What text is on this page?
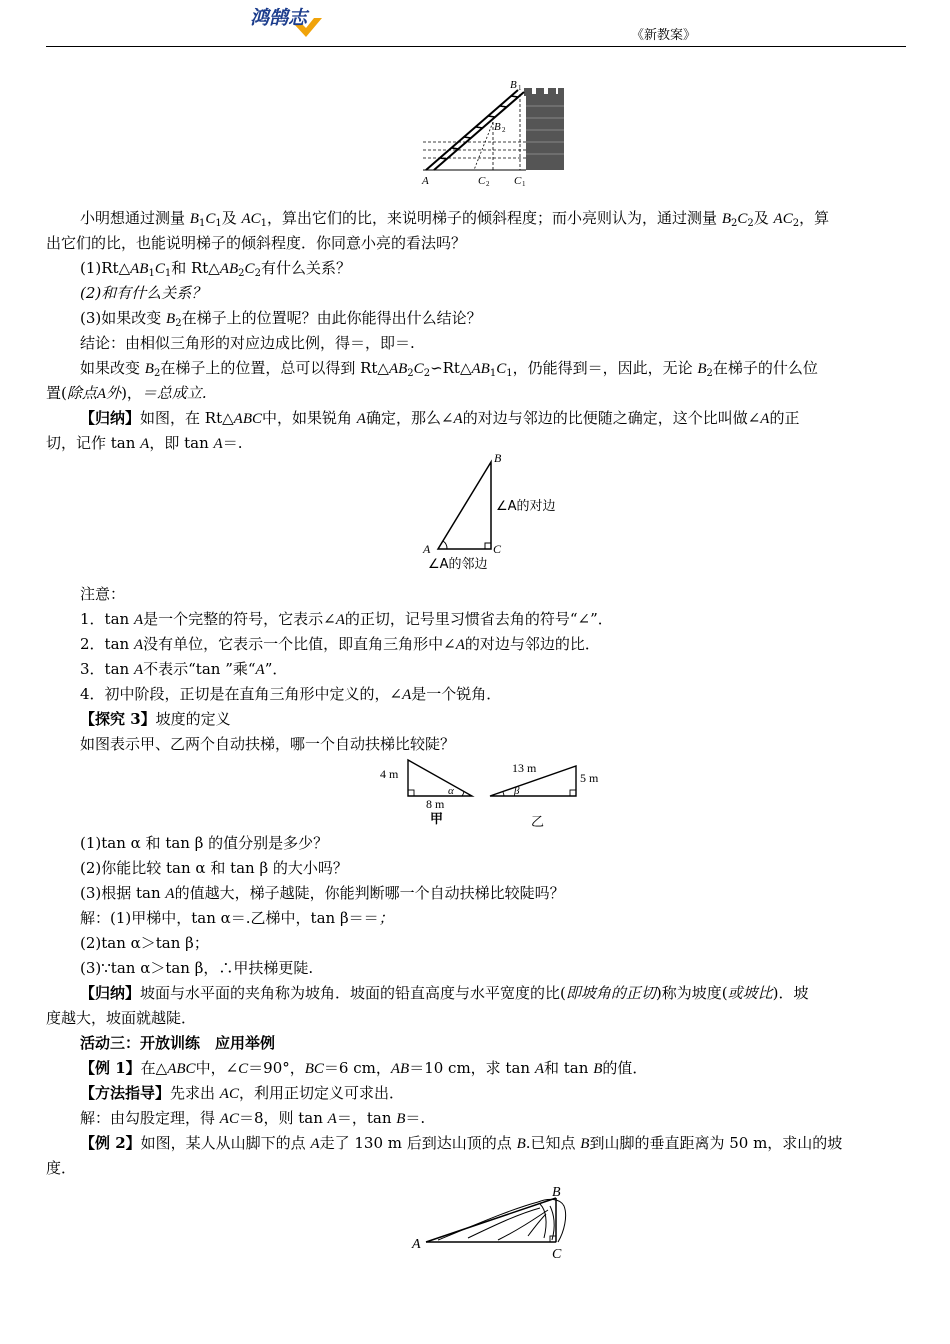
鸿鹄志
《新教案》
B 1
B 2
A	C 2 C 1
小明想通过测量 $B_1C_1$及 $AC_1$，算出它们的比，来说明梯子的倾斜程度；而小亮则认为，通过测量 $B_2C_2$及 $AC_2$，算
出它们的比，也能说明梯子的倾斜程度．你同意小亮的看法吗？
$(1)Rt\triangle AB_1C_1$和 $Rt\triangle AB_2C_2$有什么关系？
(2)和有什么关系？
(3)如果改变 $B_2$在梯子上的位置呢？由此你能得出什么结论？
结论：由相似三角形的对应边成比例，得＝，即＝.
如果改变 $B_2$在梯子上的位置，总可以得到 $Rt\triangle AB_2C_2∽Rt\triangle AB_1C_1$，仍能得到＝，因此，无论 $B_2$在梯子的什么位
置(除点A外)，＝总成立.
【归纳】如图，在 Rt△ABC中，如果锐角 A确定，那么∠A的对边与邻边的比便随之确定，这个比叫做∠A的正
切，记作 tan A，即 tan A＝.
B
A	C
∠A的对边
∠A的邻边
注意：
1．tan A是一个完整的符号，它表示∠A的正切，记号里习惯省去角的符号“∠”．
2．tan A没有单位，它表示一个比值，即直角三角形中∠A的对边与邻边的比．
3．tan A不表示“tan ”乘“A”．
4．初中阶段，正切是在直角三角形中定义的，∠A是一个锐角．
【探究 3】坡度的定义
如图表示甲、乙两个自动扶梯，哪一个自动扶梯比较陡？
4 m
8 m
α
甲
13 m
5 m
β
乙
(1)tan α 和 tan β 的值分别是多少？
(2)你能比较 tan α 和 tan β 的大小吗？
(3)根据 tan A的值越大，梯子越陡，你能判断哪一个自动扶梯比较陡吗？
解：(1)甲梯中，tan α＝.乙梯中，tan β＝＝；
(2)tan α＞tan β；
(3)∵tan α＞tan β，∴甲扶梯更陡.
【归纳】坡面与水平面的夹角称为坡角．坡面的铅直高度与水平宽度的比(即坡角的正切)称为坡度(或坡比)．坡
度越大，坡面就越陡．
活动三：开放训练　应用举例
【例 1】在△ABC中，∠C＝90°，BC＝6 cm，AB＝10 cm，求 tan A和 tan B的值．
【方法指导】先求出 AC，利用正切定义可求出．
解：由勾股定理，得 AC＝8，则 tan A＝，tan B＝.
【例 2】如图，某人从山脚下的点 A走了 130 m 后到达山顶的点 B.已知点 B到山脚的垂直距离为 50 m，求山的坡
度．
A
B
C
